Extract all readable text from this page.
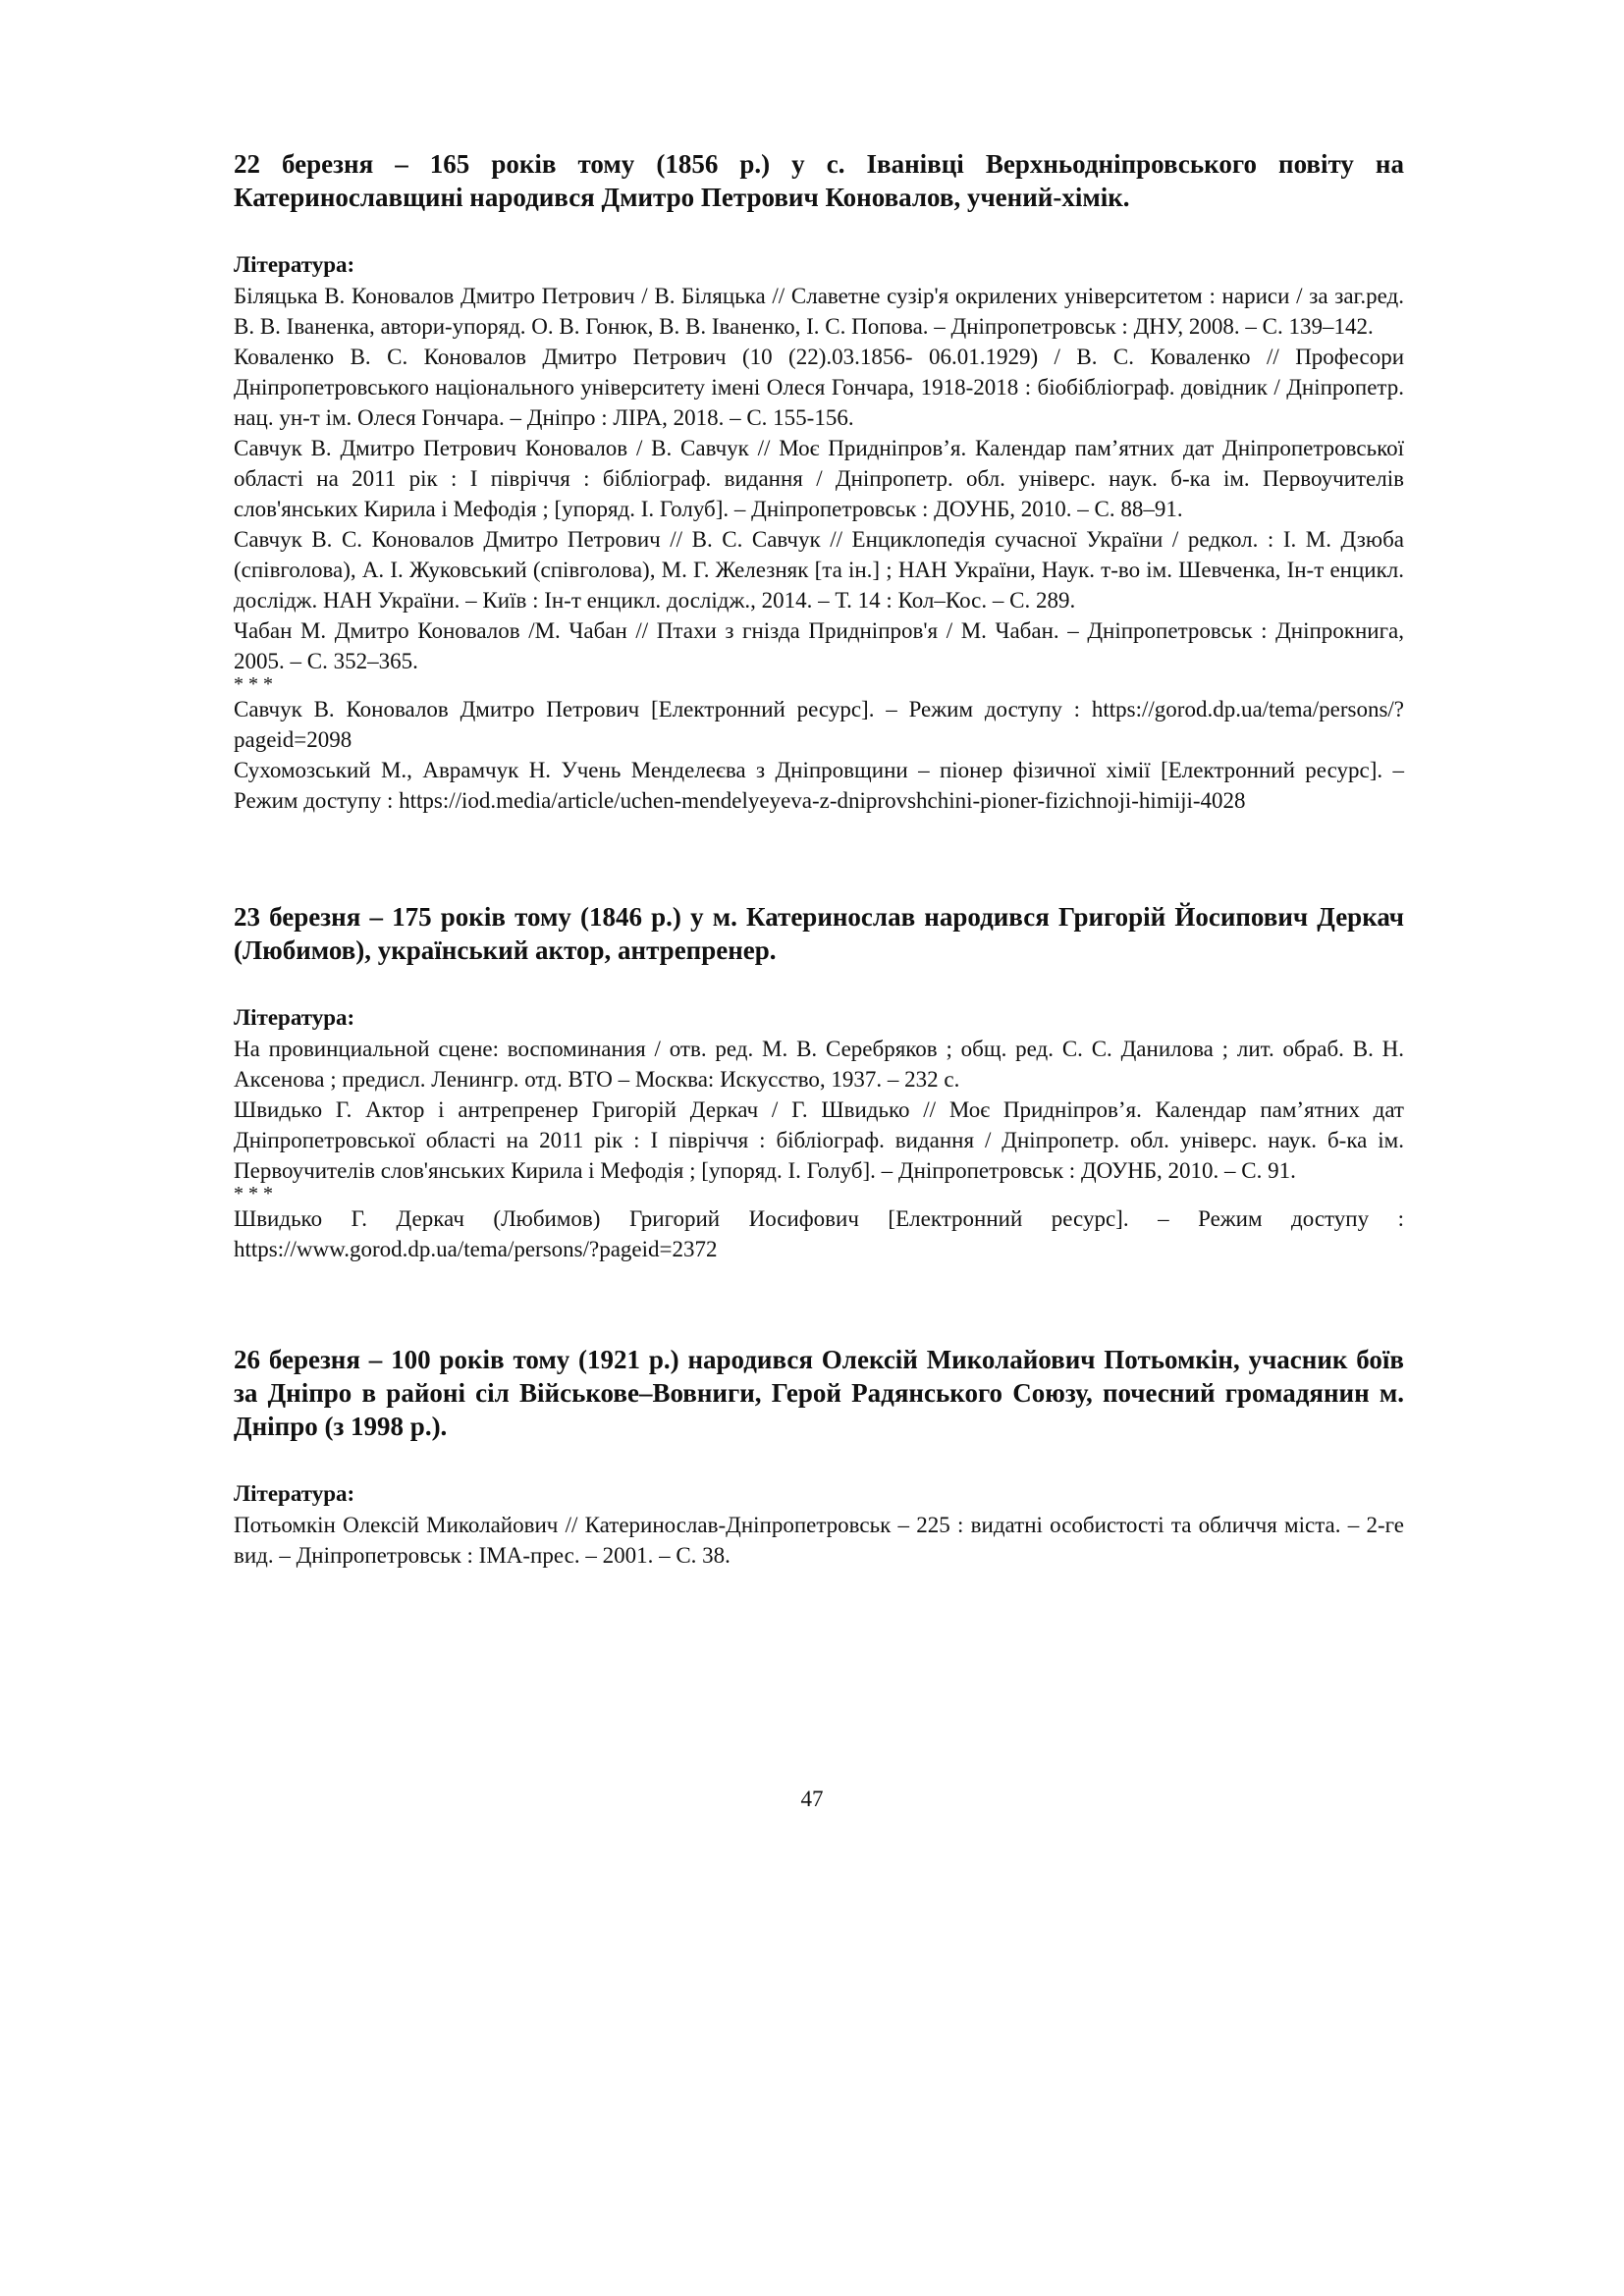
22 березня – 165 років тому (1856 р.) у с. Іванівці Верхньодніпровського повіту на Катеринославщині народився Дмитро Петрович Коновалов, учений-хімік.

Література:

Біляцька В. Коновалов Дмитро Петрович / В. Біляцька // Славетне сузір'я окрилених університетом : нариси / за заг.ред. В. В. Іваненка, автори-упоряд. О. В. Гонюк, В. В. Іваненко, І. С. Попова. – Дніпропетровськ : ДНУ, 2008. – С. 139–142.

Коваленко В. С. Коновалов Дмитро Петрович (10 (22).03.1856- 06.01.1929) / В. С. Коваленко // Професори Дніпропетровського національного університету імені Олеся Гончара, 1918-2018 : біобібліограф. довідник / Дніпропетр. нац. ун-т ім. Олеся Гончара. – Дніпро : ЛІРА, 2018. – С. 155-156.

Савчук В. Дмитро Петрович Коновалов / В. Савчук // Моє Придніпров’я. Календар пам’ятних дат Дніпропетровської області на 2011 рік : І півріччя : бібліограф. видання / Дніпропетр. обл. універс. наук. б-ка ім. Первоучителів слов'янських Кирила і Мефодія ; [упоряд. І. Голуб]. – Дніпропетровськ : ДОУНБ, 2010. – С. 88–91.

Савчук В. С. Коновалов Дмитро Петрович // В. С. Савчук // Енциклопедія сучасної України / редкол. : І. М. Дзюба (співголова), А. І. Жуковський (співголова), М. Г. Железняк [та ін.] ; НАН України, Наук. т-во ім. Шевченка, Ін-т енцикл. дослідж. НАН України. – Київ : Ін-т енцикл. дослідж., 2014. – Т. 14 : Кол–Кос. – С. 289.

Чабан М. Дмитро Коновалов /М. Чабан // Птахи з гнізда Придніпров'я / М. Чабан. – Дніпропетровськ : Дніпрокнига, 2005. – С. 352–365.

* * *

Савчук В. Коновалов Дмитро Петрович [Електронний ресурс]. – Режим доступу : https://gorod.dp.ua/tema/persons/?pageid=2098

Сухомозський М., Аврамчук Н. Учень Менделеєва з Дніпровщини – піонер фізичної хімії [Електронний ресурс]. – Режим доступу : https://iod.media/article/uchen-mendelyeyeva-z-dniprovshchini-pioner-fizichnoji-himiji-4028

23 березня – 175 років тому (1846 р.) у м. Катеринослав народився Григорій Йосипович Деркач (Любимов), український актор, антрепренер.

Література:

На провинциальной сцене: воспоминания / отв. ред. М. В. Серебряков ; общ. ред. С. С. Данилова ; лит. обраб. В. Н. Аксенова ; предисл. Ленингр. отд. ВТО – Москва: Искусство, 1937. – 232 с.

Швидько Г. Актор і антрепренер Григорій Деркач / Г. Швидько // Моє Придніпров’я. Календар пам’ятних дат Дніпропетровської області на 2011 рік : І півріччя : бібліограф. видання / Дніпропетр. обл. універс. наук. б-ка ім. Первоучителів слов'янських Кирила і Мефодія ; [упоряд. І. Голуб]. – Дніпропетровськ : ДОУНБ, 2010. – С. 91.

* * *

Швидько Г. Деркач (Любимов) Григорий Иосифович [Електронний ресурс]. – Режим доступу : https://www.gorod.dp.ua/tema/persons/?pageid=2372

26 березня – 100 років тому (1921 р.) народився Олексій Миколайович Потьомкін, учасник боїв за Дніпро в районі сіл Військове–Вовниги, Герой Радянського Союзу, почесний громадянин м. Дніпро (з 1998 р.).

Література:

Потьомкін Олексій Миколайович // Катеринослав-Дніпропетровськ – 225 : видатні особистості та обличчя міста. – 2-ге вид. – Дніпропетровськ : ІМА-прес. – 2001. – С. 38.

47
